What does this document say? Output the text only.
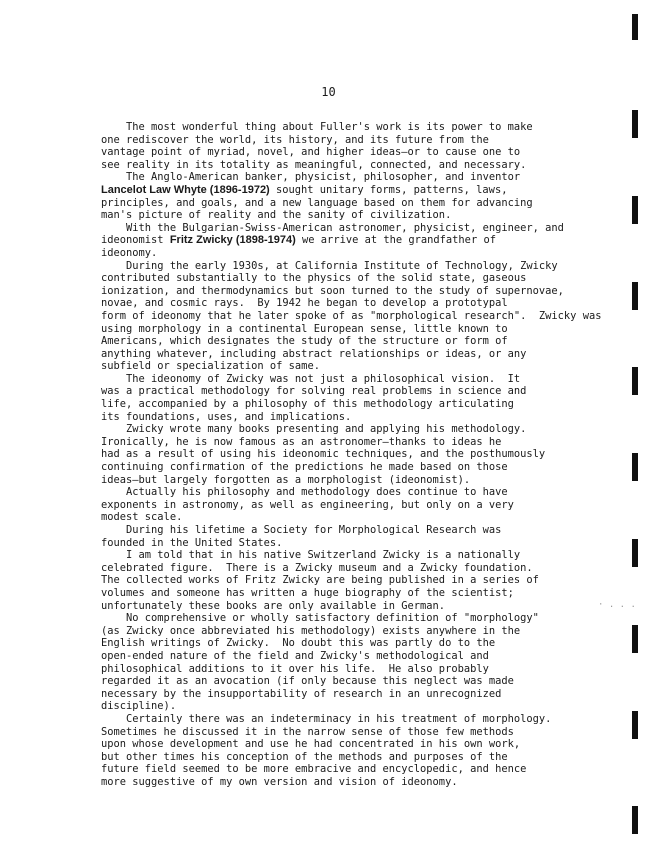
10
The most wonderful thing about Fuller's work is its power to make
one rediscover the world, its history, and its future from the
vantage point of myriad, novel, and higher ideas—or to cause one to
see reality in its totality as meaningful, connected, and necessary.
The Anglo-American banker, physicist, philosopher, and inventor
Lancelot Law Whyte (1896-1972) sought unitary forms, patterns, laws,
principles, and goals, and a new language based on them for advancing
man's picture of reality and the sanity of civilization.
With the Bulgarian-Swiss-American astronomer, physicist, engineer, and
ideonomist Fritz Zwicky (1898-1974) we arrive at the grandfather of
ideonomy.
During the early 1930s, at California Institute of Technology, Zwicky
contributed substantially to the physics of the solid state, gaseous
ionization, and thermodynamics but soon turned to the study of supernovae,
novae, and cosmic rays.  By 1942 he began to develop a prototypal
form of ideonomy that he later spoke of as "morphological research".  Zwicky was
using morphology in a continental European sense, little known to
Americans, which designates the study of the structure or form of
anything whatever, including abstract relationships or ideas, or any
subfield or specialization of same.
The ideonomy of Zwicky was not just a philosophical vision.  It
was a practical methodology for solving real problems in science and
life, accompanied by a philosophy of this methodology articulating
its foundations, uses, and implications.
Zwicky wrote many books presenting and applying his methodology.
Ironically, he is now famous as an astronomer—thanks to ideas he
had as a result of using his ideonomic techniques, and the posthumously
continuing confirmation of the predictions he made based on those
ideas—but largely forgotten as a morphologist (ideonomist).
Actually his philosophy and methodology does continue to have
exponents in astronomy, as well as engineering, but only on a very
modest scale.
During his lifetime a Society for Morphological Research was
founded in the United States.
I am told that in his native Switzerland Zwicky is a nationally
celebrated figure.  There is a Zwicky museum and a Zwicky foundation.
The collected works of Fritz Zwicky are being published in a series of
volumes and someone has written a huge biography of the scientist;
unfortunately these books are only available in German.
No comprehensive or wholly satisfactory definition of "morphology"
(as Zwicky once abbreviated his methodology) exists anywhere in the
English writings of Zwicky.  No doubt this was partly do to the
open-ended nature of the field and Zwicky's methodological and
philosophical additions to it over his life.  He also probably
regarded it as an avocation (if only because this neglect was made
necessary by the insupportability of research in an unrecognized
discipline).
Certainly there was an indeterminacy in his treatment of morphology.
Sometimes he discussed it in the narrow sense of those few methods
upon whose development and use he had concentrated in his own work,
but other times his conception of the methods and purposes of the
future field seemed to be more embracive and encyclopedic, and hence
more suggestive of my own version and vision of ideonomy.
· . . .
